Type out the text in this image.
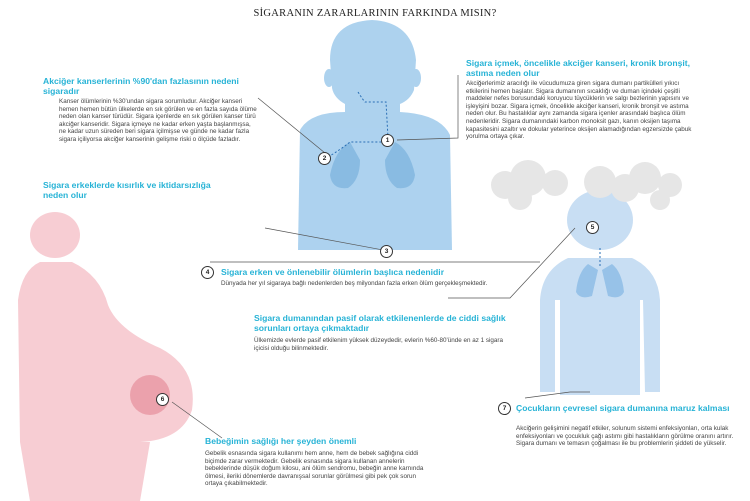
SİGARANIN ZARARLARININ FARKINDA MISIN?
1
2
3
4
5
6
7
Akciğer kanserlerinin %90'dan fazlasının nedeni sigaradır
Kanser ölümlerinin %30'undan sigara sorumludur. Akciğer kanseri hemen hemen bütün ülkelerde en sık görülen ve en fazla sayıda ölüme neden olan kanser türüdür. Sigara içenlerde en sık görülen kanser türü akciğer kanseridir. Sigara içmeye ne kadar erken yaşta başlanmışsa, ne kadar uzun süreden beri sigara içilmişse ve günde ne kadar fazla sigara içiliyorsa akciğer kanserinin gelişme riski o ölçüde fazladır.
Sigara içmek, öncelikle akciğer kanseri, kronik bronşit, astıma neden olur
Akciğerlerimiz aracılığı ile vücudumuza giren sigara dumanı partikülleri yıkıcı etkilerini hemen başlatır. Sigara dumanının sıcaklığı ve duman içindeki çeşitli maddeler nefes borusundaki koruyucu tüycüklerin ve salgı bezlerinin yapısını ve işleyişini bozar. Sigara içmek, öncelikle akciğer kanseri, kronik bronşit ve astıma neden olur. Bu hastalıklar aynı zamanda sigara içenler arasındaki başlıca ölüm nedenleridir. Sigara dumanındaki karbon monoksit gazı, kanın oksijen taşıma kapasitesini azaltır ve dokular yeterince oksijen alamadığından egzersizde çabuk yorulma ortaya çıkar.
Sigara erkeklerde kısırlık ve iktidarsızlığa neden olur
Sigara erken ve önlenebilir ölümlerin başlıca nedenidir
Dünyada her yıl sigaraya bağlı nedenlerden beş milyondan fazla erken ölüm gerçekleşmektedir.
Sigara dumanından pasif olarak etkilenenlerde de ciddi sağlık sorunları ortaya çıkmaktadır
Ülkemizde evlerde pasif etkilenim yüksek düzeydedir, evlerin %60-80'ünde en az 1 sigara içicisi olduğu bilinmektedir.
Bebeğimin sağlığı her şeyden önemli
Gebelik esnasında sigara kullanımı hem anne, hem de bebek sağlığına ciddi biçimde zarar vermektedir. Gebelik esnasında sigara kullanan annelerin bebeklerinde düşük doğum kilosu, ani ölüm sendromu, bebeğin anne karnında ölmesi, ileriki dönemlerde davranışsal sorunlar görülmesi gibi pek çok sorun ortaya çıkabilmektedir.
Çocukların çevresel sigara dumanına maruz kalması
Akciğerin gelişimini negatif etkiler, solunum sistemi enfeksiyonları, orta kulak enfeksiyonları ve çocukluk çağı astımı gibi hastalıkların görülme oranını artırır. Sigara dumanı ve temasın çoğalması ile bu problemlerin şiddeti de yükselir.
